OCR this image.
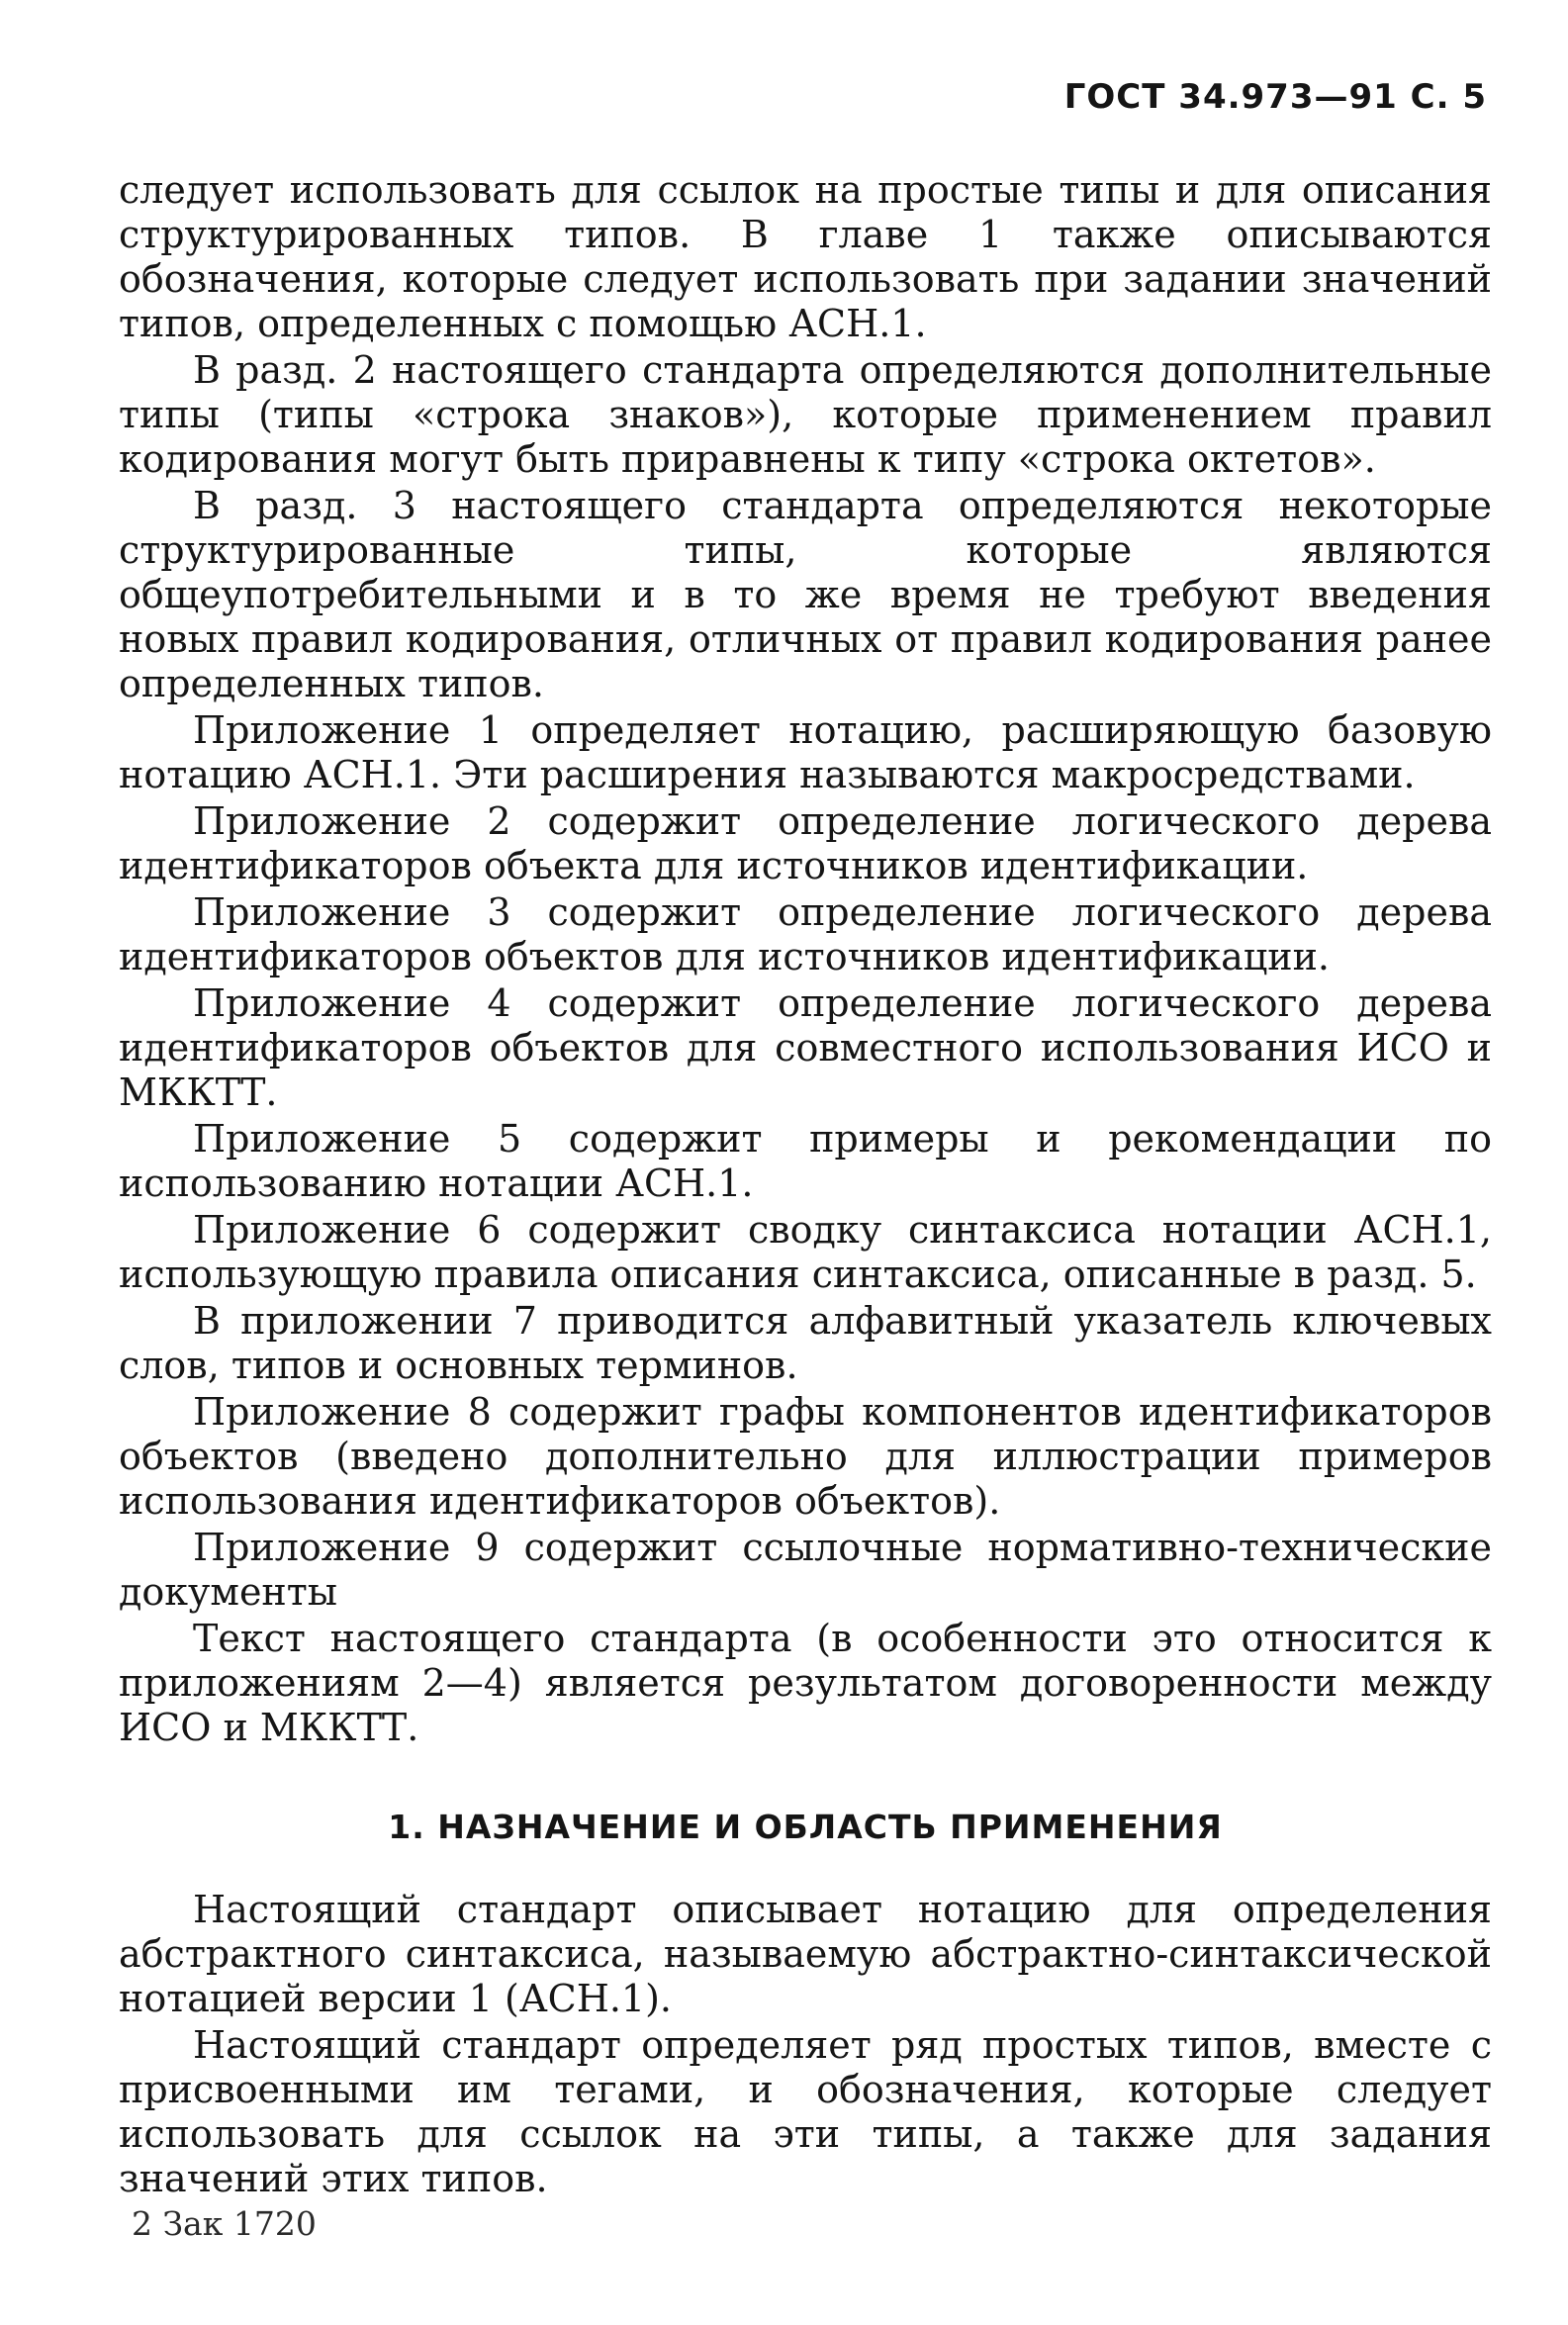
ГОСТ 34.973—91 С. 5

следует использовать для ссылок на простые типы и для описания структурированных типов. В главе 1 также описываются обозначения, которые следует использовать при задании значений типов, определенных с помощью АСН.1.

В разд. 2 настоящего стандарта определяются дополнительные типы (типы «строка знаков»), которые применением правил кодирования могут быть приравнены к типу «строка октетов».

В разд. 3 настоящего стандарта определяются некоторые структурированные типы, которые являются общеупотребительными и в то же время не требуют введения новых правил кодирования, отличных от правил кодирования ранее определенных типов.

Приложение 1 определяет нотацию, расширяющую базовую нотацию АСН.1. Эти расширения называются макросредствами.

Приложение 2 содержит определение логического дерева идентификаторов объекта для источников идентификации.

Приложение 3 содержит определение логического дерева идентификаторов объектов для источников идентификации.

Приложение 4 содержит определение логического дерева идентификаторов объектов для совместного использования ИСО и МККТТ.

Приложение 5 содержит примеры и рекомендации по использованию нотации АСН.1.

Приложение 6 содержит сводку синтаксиса нотации АСН.1, использующую правила описания синтаксиса, описанные в разд. 5.

В приложении 7 приводится алфавитный указатель ключевых слов, типов и основных терминов.

Приложение 8 содержит графы компонентов идентификаторов объектов (введено дополнительно для иллюстрации примеров использования идентификаторов объектов).

Приложение 9 содержит ссылочные нормативно-технические документы

Текст настоящего стандарта (в особенности это относится к приложениям 2—4) является результатом договоренности между ИСО и МККТТ.

1. НАЗНАЧЕНИЕ И ОБЛАСТЬ ПРИМЕНЕНИЯ

Настоящий стандарт описывает нотацию для определения абстрактного синтаксиса, называемую абстрактно-синтаксической нотацией версии 1 (АСН.1).

Настоящий стандарт определяет ряд простых типов, вместе с присвоенными им тегами, и обозначения, которые следует использовать для ссылок на эти типы, а также для задания значений этих типов.

2 Зак 1720
